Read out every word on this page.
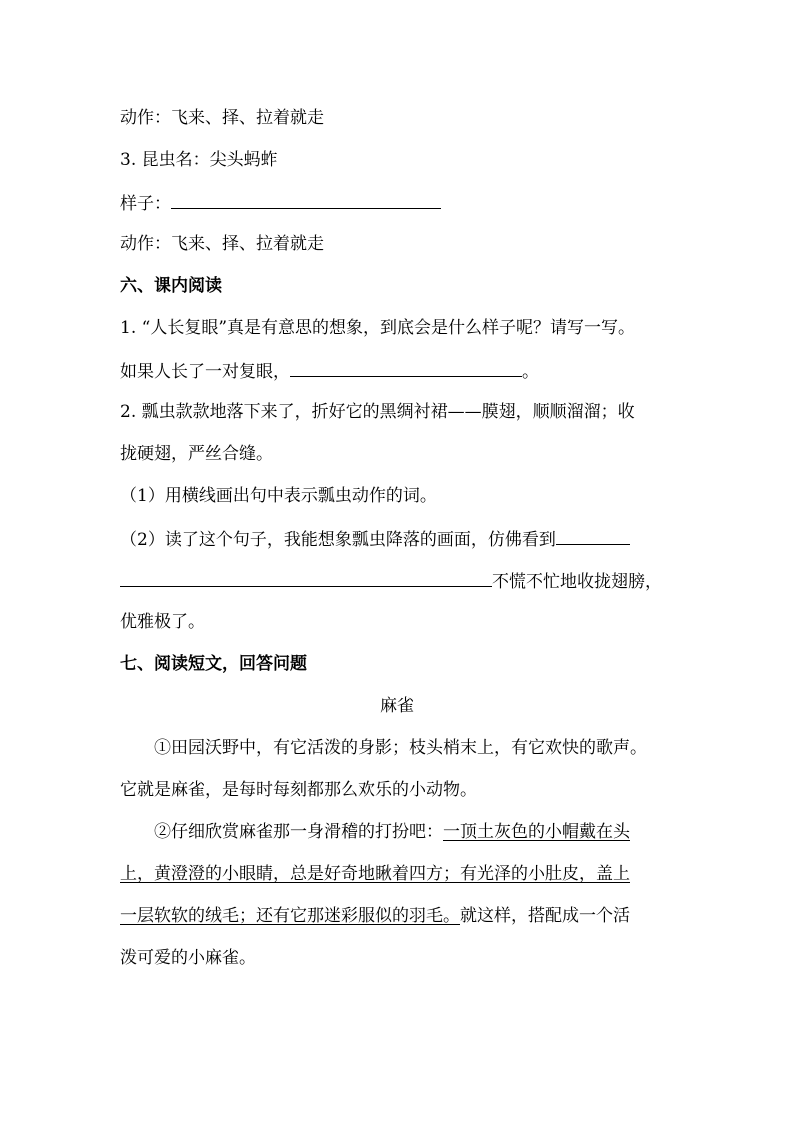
动作：飞来、择、拉着就走
3. 昆虫名：尖头蚂蚱
样子：
动作：飞来、择、拉着就走
六、课内阅读
1. “人长复眼”真是有意思的想象，到底会是什么样子呢？请写一写。
如果人长了一对复眼，	。
2. 瓢虫款款地落下来了，折好它的黑绸衬裙——膜翅，顺顺溜溜；收
拢硬翅，严丝合缝。
（1）用横线画出句中表示瓢虫动作的词。
（2）读了这个句子，我能想象瓢虫降落的画面，仿佛看到
不慌不忙地收拢翅膀，
优雅极了。
七、阅读短文，回答问题
麻雀
①田园沃野中，有它活泼的身影；枝头梢末上，有它欢快的歌声。
它就是麻雀，是每时每刻都那么欢乐的小动物。
②仔细欣赏麻雀那一身滑稽的打扮吧：一顶土灰色的小帽戴在头
上，黄澄澄的小眼睛，总是好奇地瞅着四方；有光泽的小肚皮，盖上
一层软软的绒毛；还有它那迷彩服似的羽毛。就这样，搭配成一个活
泼可爱的小麻雀。
